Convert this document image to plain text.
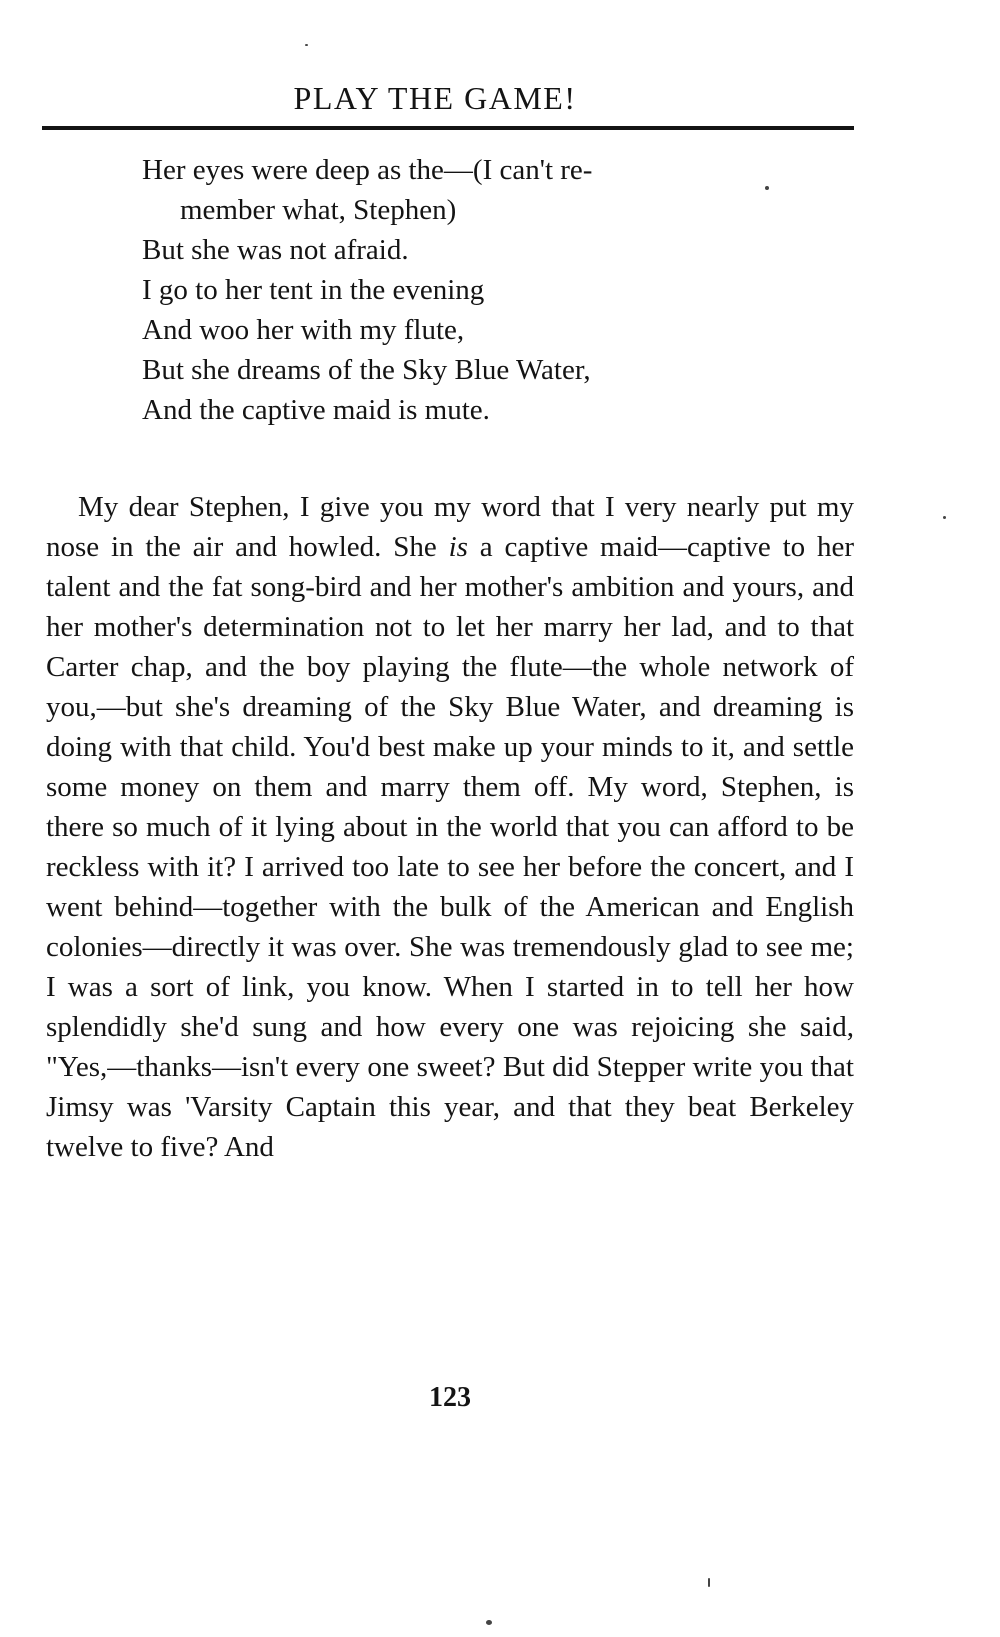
PLAY THE GAME!
Her eyes were deep as the—(I can't re-
member what, Stephen)
But she was not afraid.
I go to her tent in the evening
And woo her with my flute,
But she dreams of the Sky Blue Water,
And the captive maid is mute.

My dear Stephen, I give you my word that I very nearly put my nose in the air and howled. She is a captive maid—captive to her talent and the fat song-bird and her mother's ambition and yours, and her mother's determination not to let her marry her lad, and to that Carter chap, and the boy playing the flute—the whole network of you,—but she's dreaming of the Sky Blue Water, and dreaming is doing with that child. You'd best make up your minds to it, and settle some money on them and marry them off. My word, Stephen, is there so much of it lying about in the world that you can afford to be reckless with it? I arrived too late to see her before the concert, and I went behind—together with the bulk of the American and English colonies—directly it was over. She was tremendously glad to see me; I was a sort of link, you know. When I started in to tell her how splendidly she'd sung and how every one was rejoicing she said, "Yes,—thanks—isn't every one sweet? But did Stepper write you that Jimsy was 'Varsity Captain this year, and that they beat Berkeley twelve to five? And

123
